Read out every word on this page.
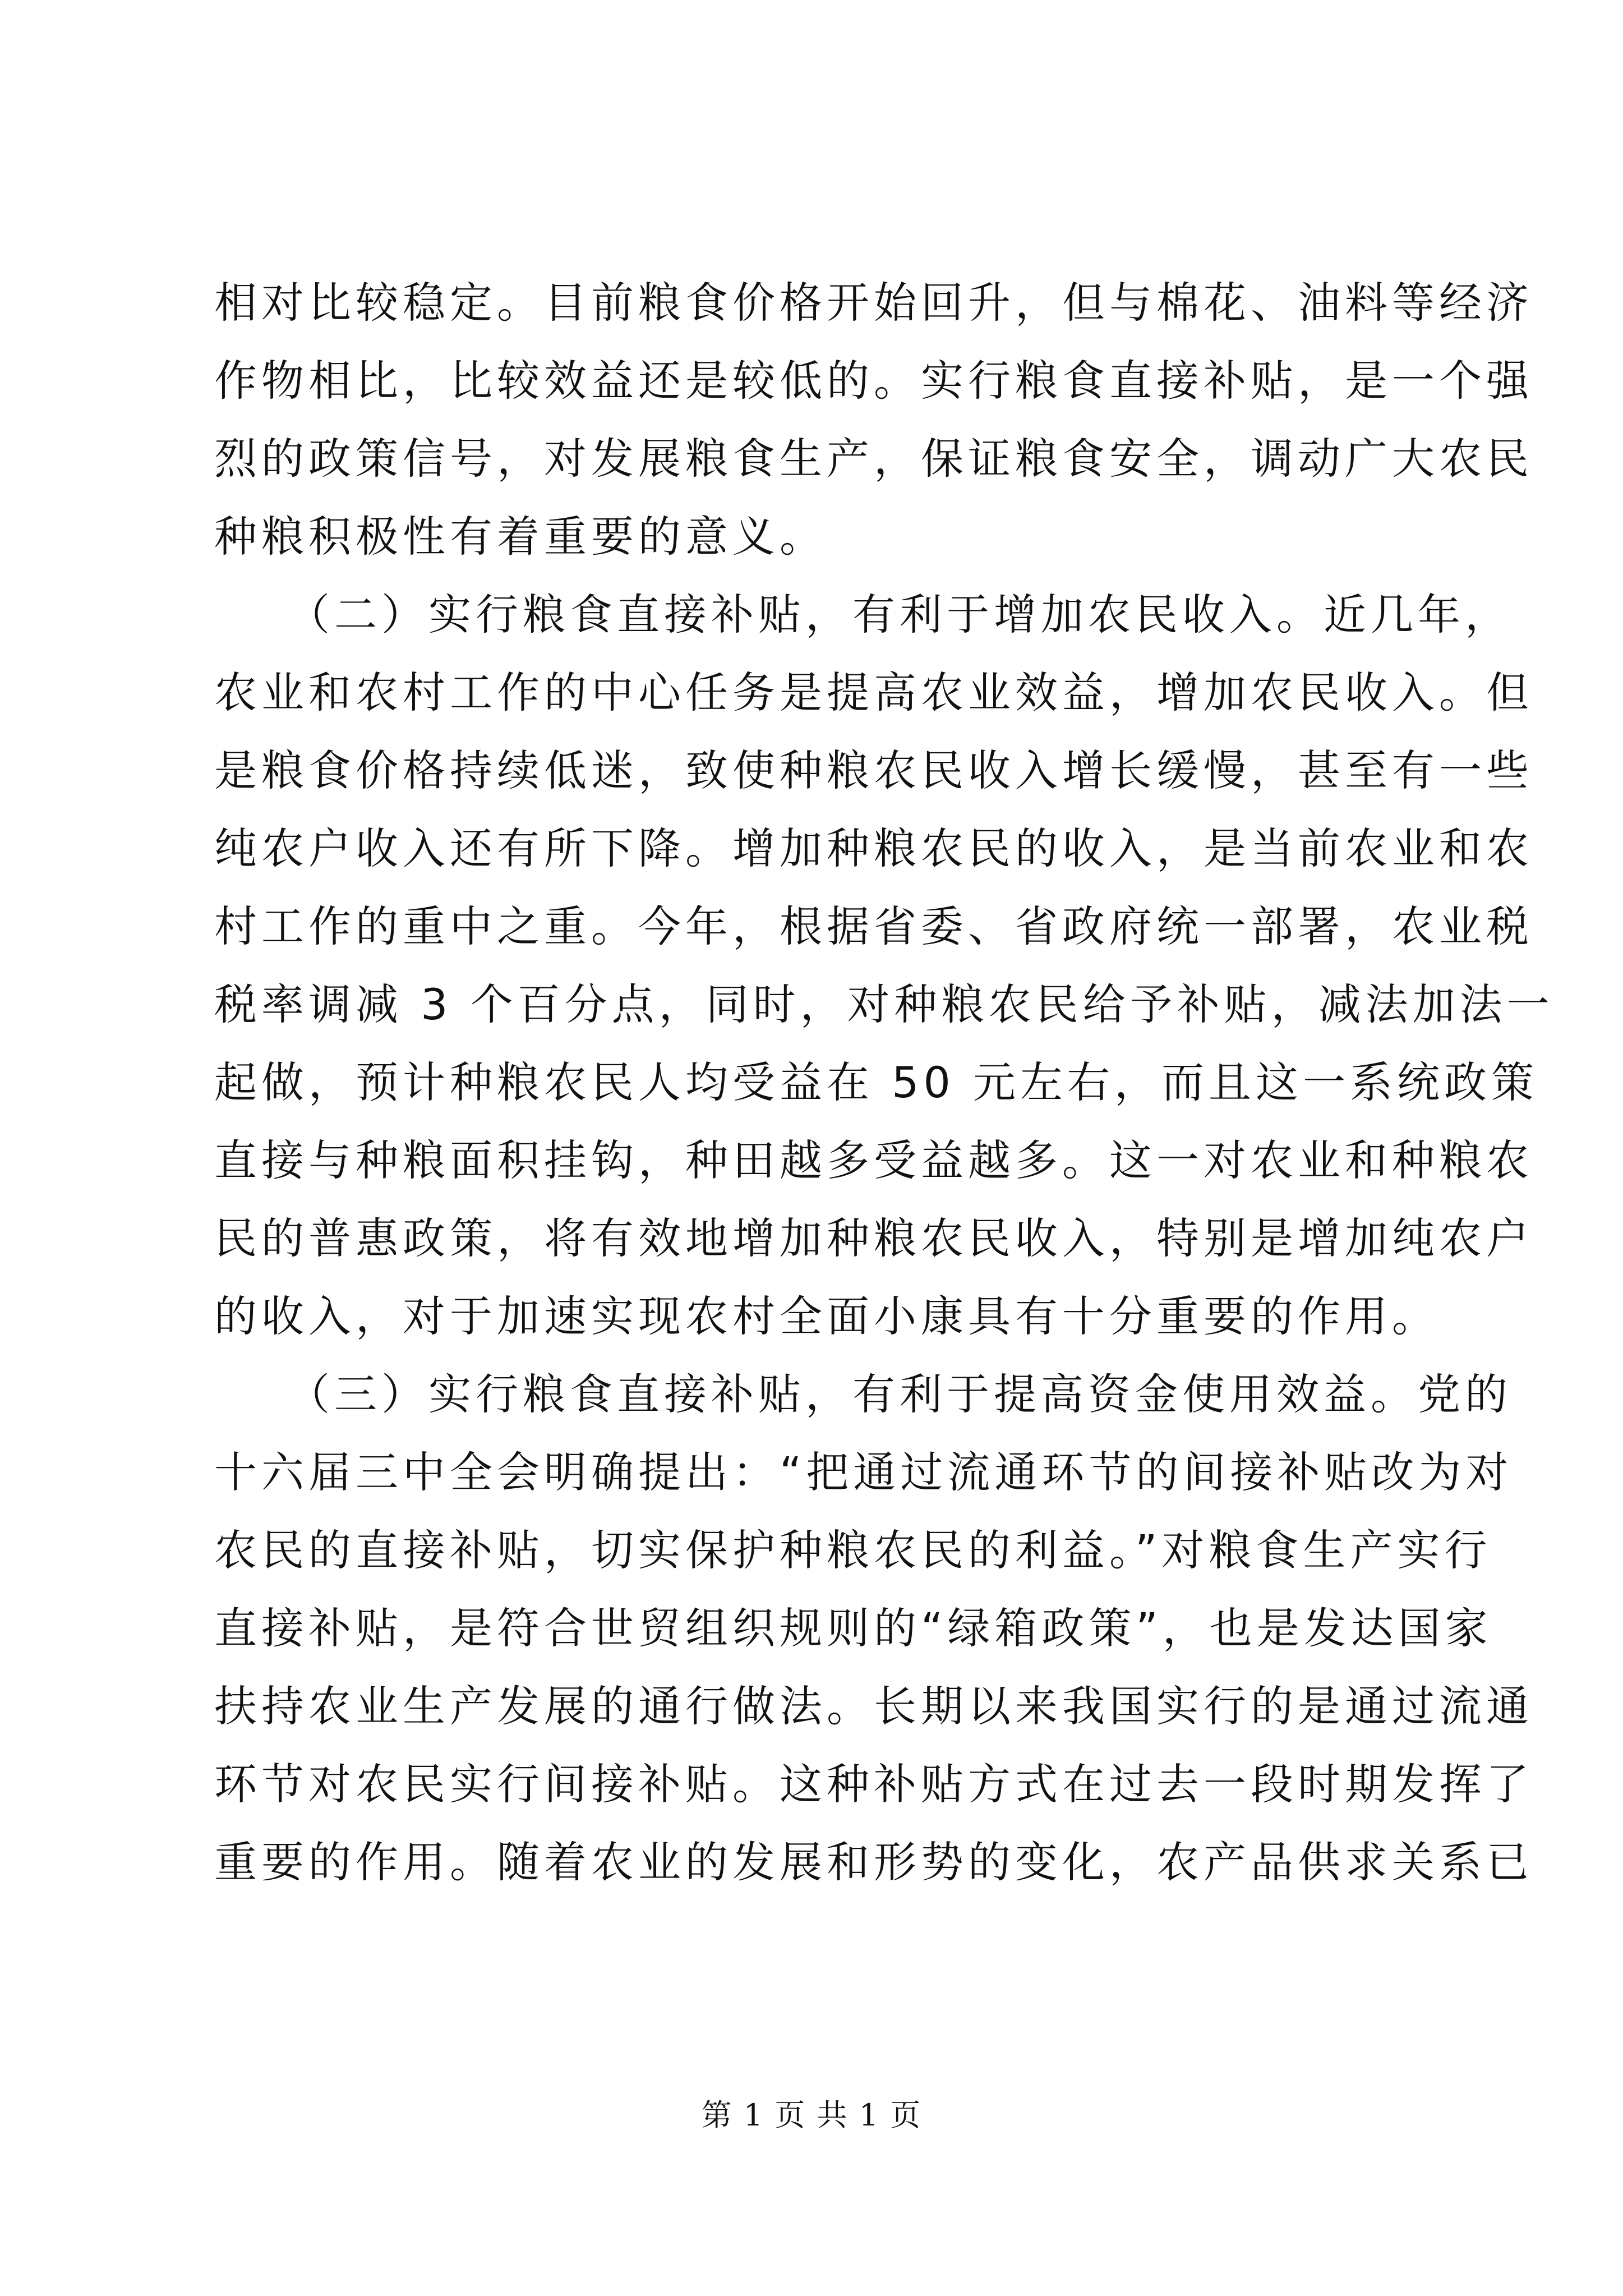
相对比较稳定。目前粮食价格开始回升，但与棉花、油料等经济
作物相比，比较效益还是较低的。实行粮食直接补贴，是一个强
烈的政策信号，对发展粮食生产，保证粮食安全，调动广大农民
种粮积极性有着重要的意义。
　　（二）实行粮食直接补贴，有利于增加农民收入。近几年，
农业和农村工作的中心任务是提高农业效益，增加农民收入。但
是粮食价格持续低迷，致使种粮农民收入增长缓慢，甚至有一些
纯农户收入还有所下降。增加种粮农民的收入，是当前农业和农
村工作的重中之重。今年，根据省委、省政府统一部署，农业税
税率调减 3 个百分点，同时，对种粮农民给予补贴，减法加法一
起做，预计种粮农民人均受益在 50 元左右，而且这一系统政策
直接与种粮面积挂钩，种田越多受益越多。这一对农业和种粮农
民的普惠政策，将有效地增加种粮农民收入，特别是增加纯农户
的收入，对于加速实现农村全面小康具有十分重要的作用。
　　（三）实行粮食直接补贴，有利于提高资金使用效益。党的
十六届三中全会明确提出：“把通过流通环节的间接补贴改为对
农民的直接补贴，切实保护种粮农民的利益。”对粮食生产实行
直接补贴，是符合世贸组织规则的“绿箱政策”，也是发达国家
扶持农业生产发展的通行做法。长期以来我国实行的是通过流通
环节对农民实行间接补贴。这种补贴方式在过去一段时期发挥了
重要的作用。随着农业的发展和形势的变化，农产品供求关系已
第 1 页 共 1 页
